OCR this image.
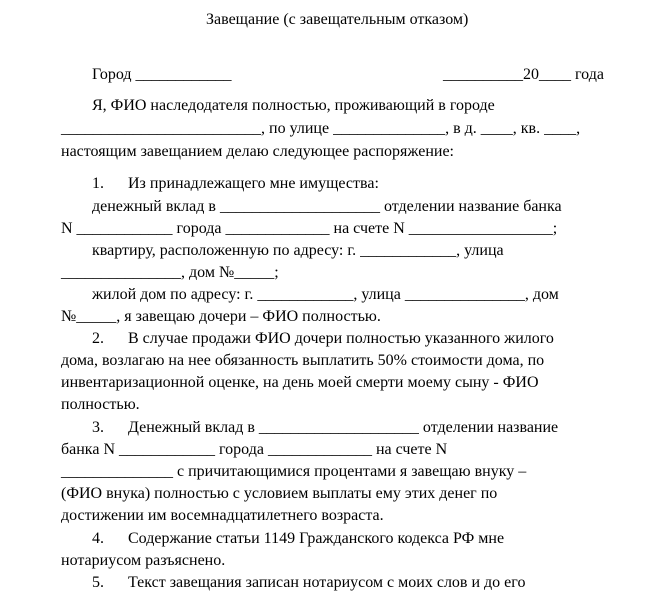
Завещание (с завещательным отказом)
Город ____________	__________20____ года
Я, ФИО наследодателя полностью, проживающий в городе
_________________________, по улице ______________, в д. ____, кв. ____,
настоящим завещанием делаю следующее распоряжение:
1.      Из принадлежащего мне имущества:
денежный вклад в ____________________ отделении название банка
N ____________ города _____________ на счете N __________________;
квартиру, расположенную по адресу: г. ____________, улица
_______________, дом №_____;
жилой дом по адресу: г. ____________, улица _______________, дом
№_____, я завещаю дочери – ФИО полностью.
2.      В случае продажи ФИО дочери полностью указанного жилого
дома, возлагаю на нее обязанность выплатить 50% стоимости дома, по
инвентаризационной оценке, на день моей смерти моему сыну - ФИО
полностью.
3.      Денежный вклад в ____________________ отделении название
банка N ____________ города _____________ на счете N
______________ с причитающимися процентами я завещаю внуку –
(ФИО внука) полностью с условием выплаты ему этих денег по
достижении им восемнадцатилетнего возраста.
4.      Содержание статьи 1149 Гражданского кодекса РФ мне
нотариусом разъяснено.
5.      Текст завещания записан нотариусом с моих слов и до его
